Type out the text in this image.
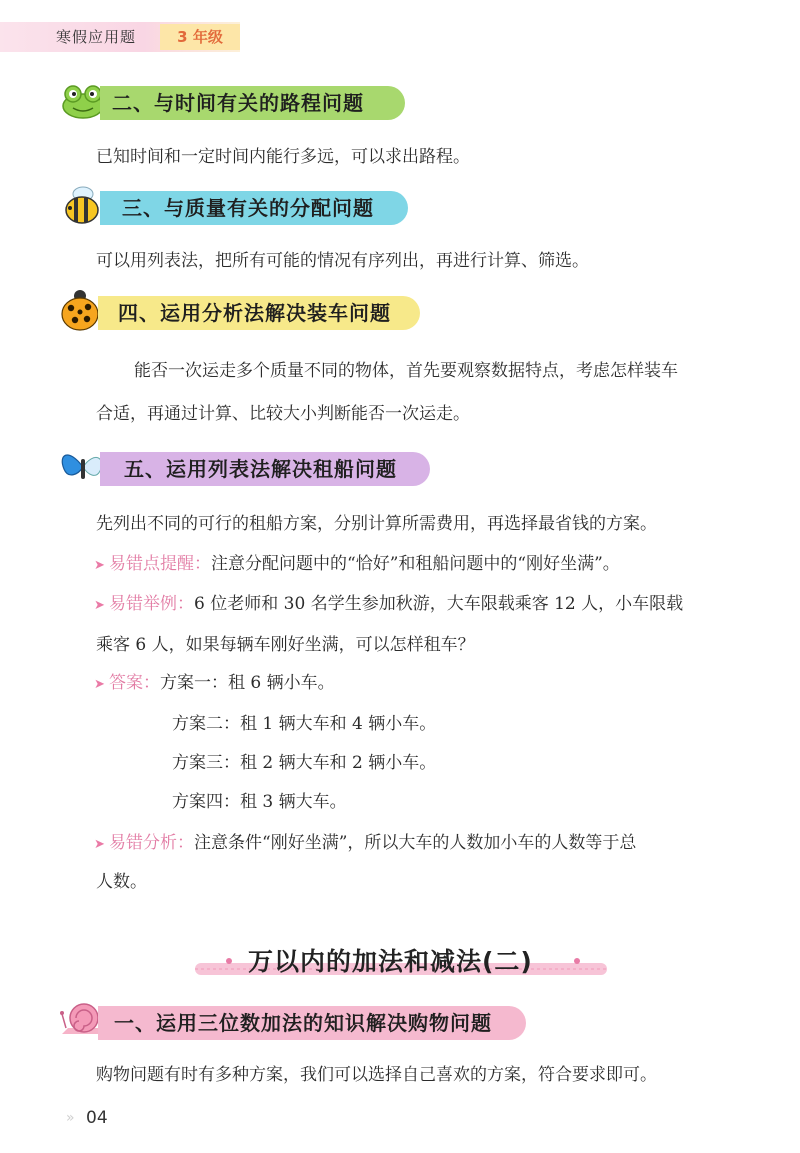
寒假应用题	3 年级
二、与时间有关的路程问题
已知时间和一定时间内能行多远，可以求出路程。
三、与质量有关的分配问题
可以用列表法，把所有可能的情况有序列出，再进行计算、筛选。
四、运用分析法解决装车问题
能否一次运走多个质量不同的物体，首先要观察数据特点，考虑怎样装车
合适，再通过计算、比较大小判断能否一次运走。
五、运用列表法解决租船问题
先列出不同的可行的租船方案，分别计算所需费用，再选择最省钱的方案。
➤ 易错点提醒：注意分配问题中的“恰好”和租船问题中的“刚好坐满”。
➤ 易错举例：6 位老师和 30 名学生参加秋游，大车限载乘客 12 人，小车限载
乘客 6 人，如果每辆车刚好坐满，可以怎样租车？
➤ 答案：方案一：租 6 辆小车。
方案二：租 1 辆大车和 4 辆小车。
方案三：租 2 辆大车和 2 辆小车。
方案四：租 3 辆大车。
➤ 易错分析：注意条件“刚好坐满”，所以大车的人数加小车的人数等于总
人数。
万以内的加法和减法(二)
一、运用三位数加法的知识解决购物问题
购物问题有时有多种方案，我们可以选择自己喜欢的方案，符合要求即可。
» 04
